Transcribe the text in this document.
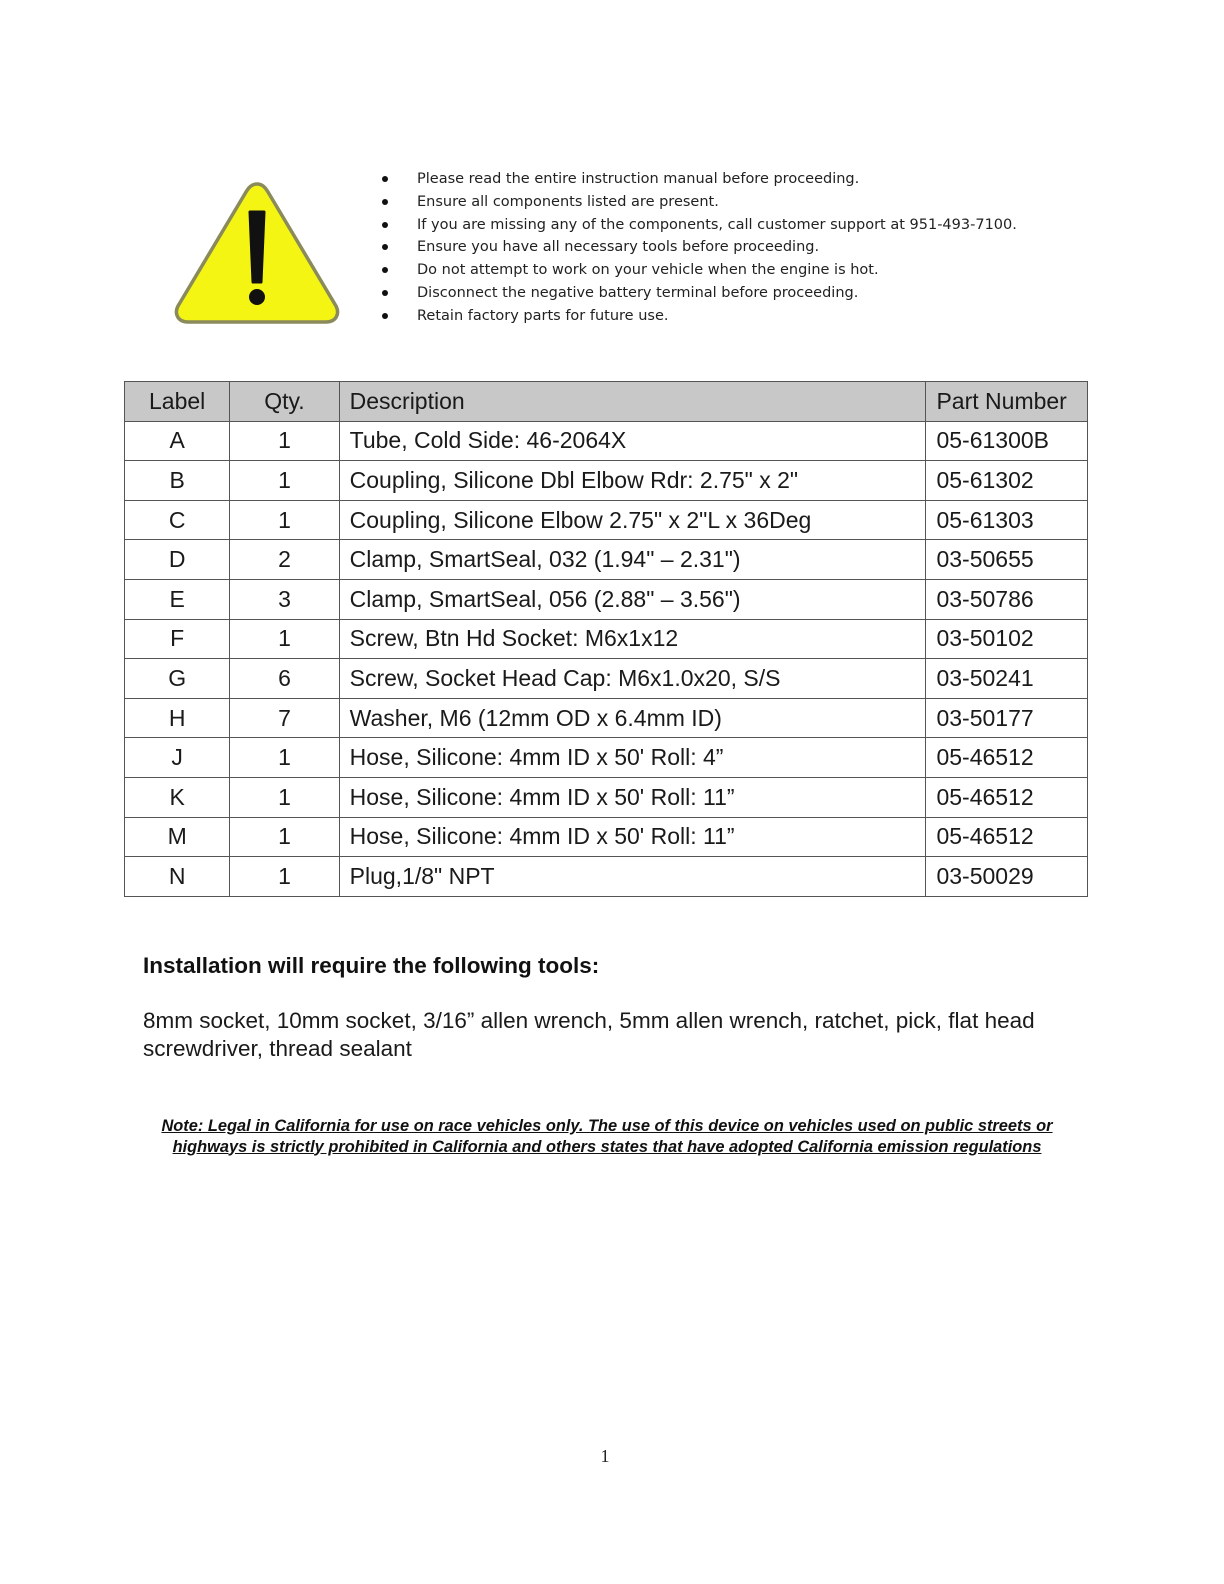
Please read the entire instruction manual before proceeding.
Ensure all components listed are present.
If you are missing any of the components, call customer support at 951-493-7100.
Ensure you have all necessary tools before proceeding.
Do not attempt to work on your vehicle when the engine is hot.
Disconnect the negative battery terminal before proceeding.
Retain factory parts for future use.
Label	Qty.	Description	Part Number
A	1	Tube, Cold Side: 46-2064X	05-61300B
B	1	Coupling, Silicone Dbl Elbow Rdr: 2.75" x 2"	05-61302
C	1	Coupling, Silicone Elbow 2.75" x 2"L x 36Deg	05-61303
D	2	Clamp, SmartSeal, 032 (1.94" – 2.31")	03-50655
E	3	Clamp, SmartSeal, 056 (2.88" – 3.56")	03-50786
F	1	Screw, Btn Hd Socket: M6x1x12	03-50102
G	6	Screw, Socket Head Cap: M6x1.0x20, S/S	03-50241
H	7	Washer, M6 (12mm OD x 6.4mm ID)	03-50177
J	1	Hose, Silicone: 4mm ID x 50' Roll: 4”	05-46512
K	1	Hose, Silicone: 4mm ID x 50' Roll: 11”	05-46512
M	1	Hose, Silicone: 4mm ID x 50' Roll: 11”	05-46512
N	1	Plug,1/8" NPT	03-50029
Installation will require the following tools:

8mm socket, 10mm socket, 3/16” allen wrench, 5mm allen wrench, ratchet, pick, flat head screwdriver, thread sealant

Note: Legal in California for use on race vehicles only. The use of this device on vehicles used on public streets or highways is strictly prohibited in California and others states that have adopted California emission regulations

1
